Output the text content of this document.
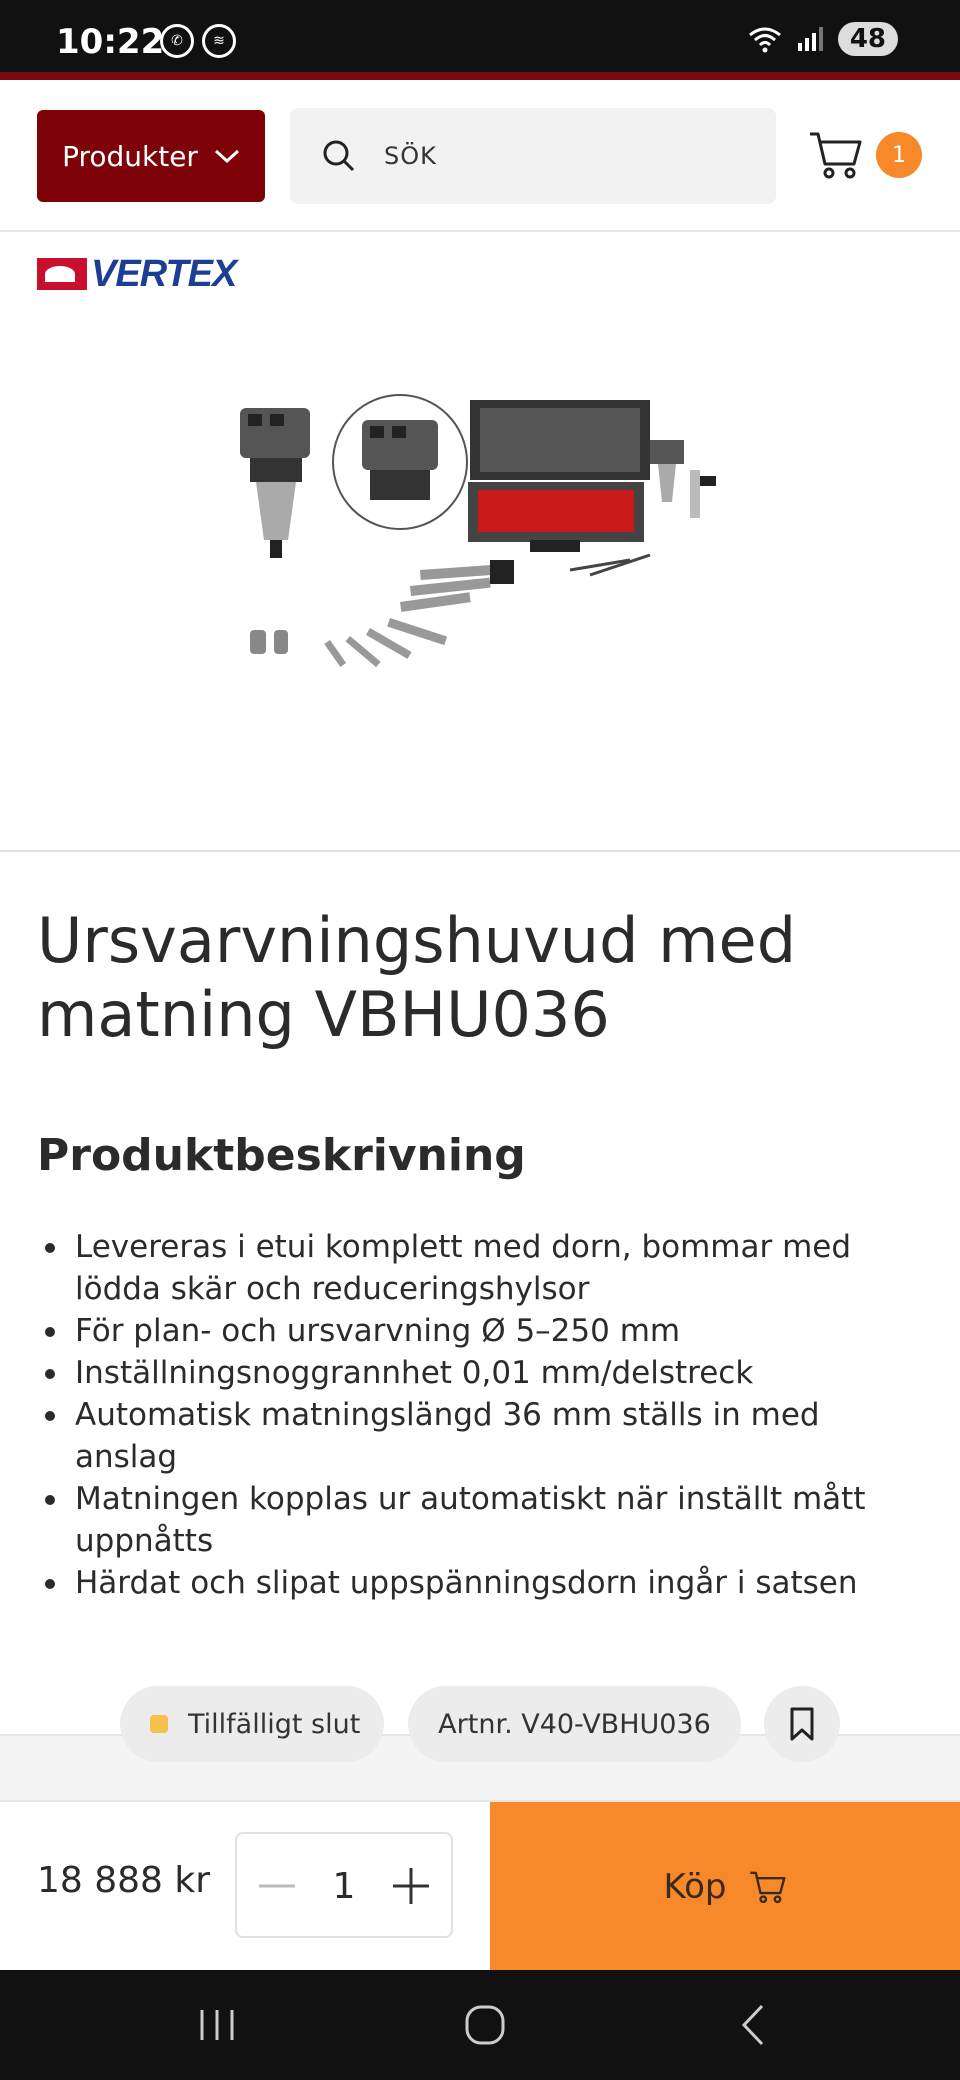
10:22 ✆	≋	48
Produkter	SÖK	1
VERTEX
Ursvarvningshuvud med matning VBHU036
Produktbeskrivning
Levereras i etui komplett med dorn, bommar med lödda skär och reduceringshylsor
För plan- och ursvarvning Ø 5–250 mm
Inställningsnoggrannhet 0,01 mm/delstreck
Automatisk matningslängd 36 mm ställs in med anslag
Matningen kopplas ur automatiskt när inställt mått uppnåtts
Härdat och slipat uppspänningsdorn ingår i satsen
Tillfälligt slut	Artnr. V40-VBHU036
18 888 kr	1	Köp
